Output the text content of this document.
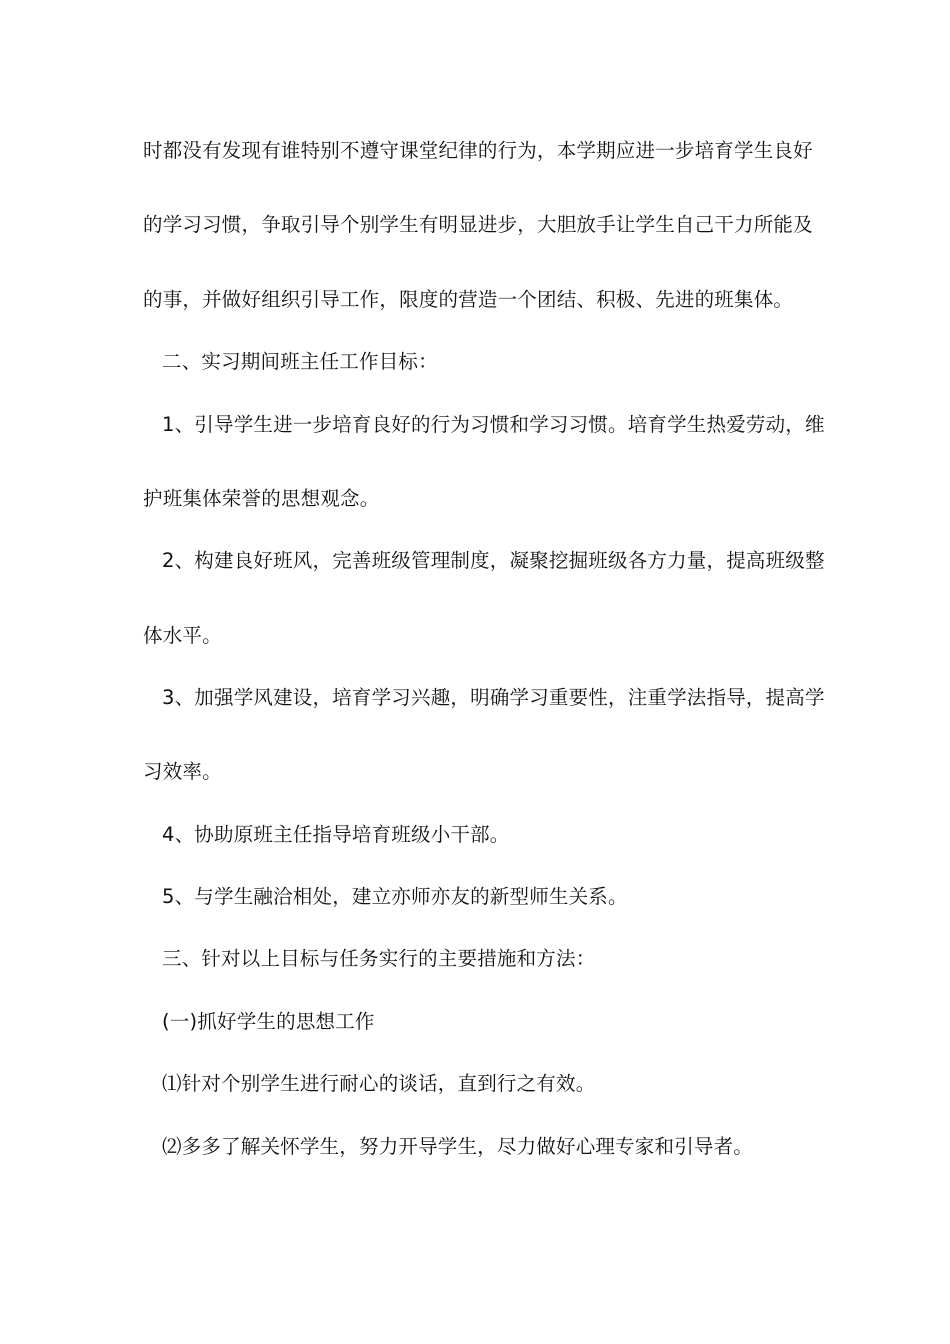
时都没有发现有谁特别不遵守课堂纪律的行为，本学期应进一步培育学生良好
的学习习惯，争取引导个别学生有明显进步，大胆放手让学生自己干力所能及
的事，并做好组织引导工作，限度的营造一个团结、积极、先进的班集体。
二、实习期间班主任工作目标：
1、引导学生进一步培育良好的行为习惯和学习习惯。培育学生热爱劳动，维
护班集体荣誉的思想观念。
2、构建良好班风，完善班级管理制度，凝聚挖掘班级各方力量，提高班级整
体水平。
3、加强学风建设，培育学习兴趣，明确学习重要性，注重学法指导，提高学
习效率。
4、协助原班主任指导培育班级小干部。
5、与学生融洽相处，建立亦师亦友的新型师生关系。
三、针对以上目标与任务实行的主要措施和方法：
(一)抓好学生的思想工作
⑴针对个别学生进行耐心的谈话，直到行之有效。
⑵多多了解关怀学生，努力开导学生，尽力做好心理专家和引导者。
